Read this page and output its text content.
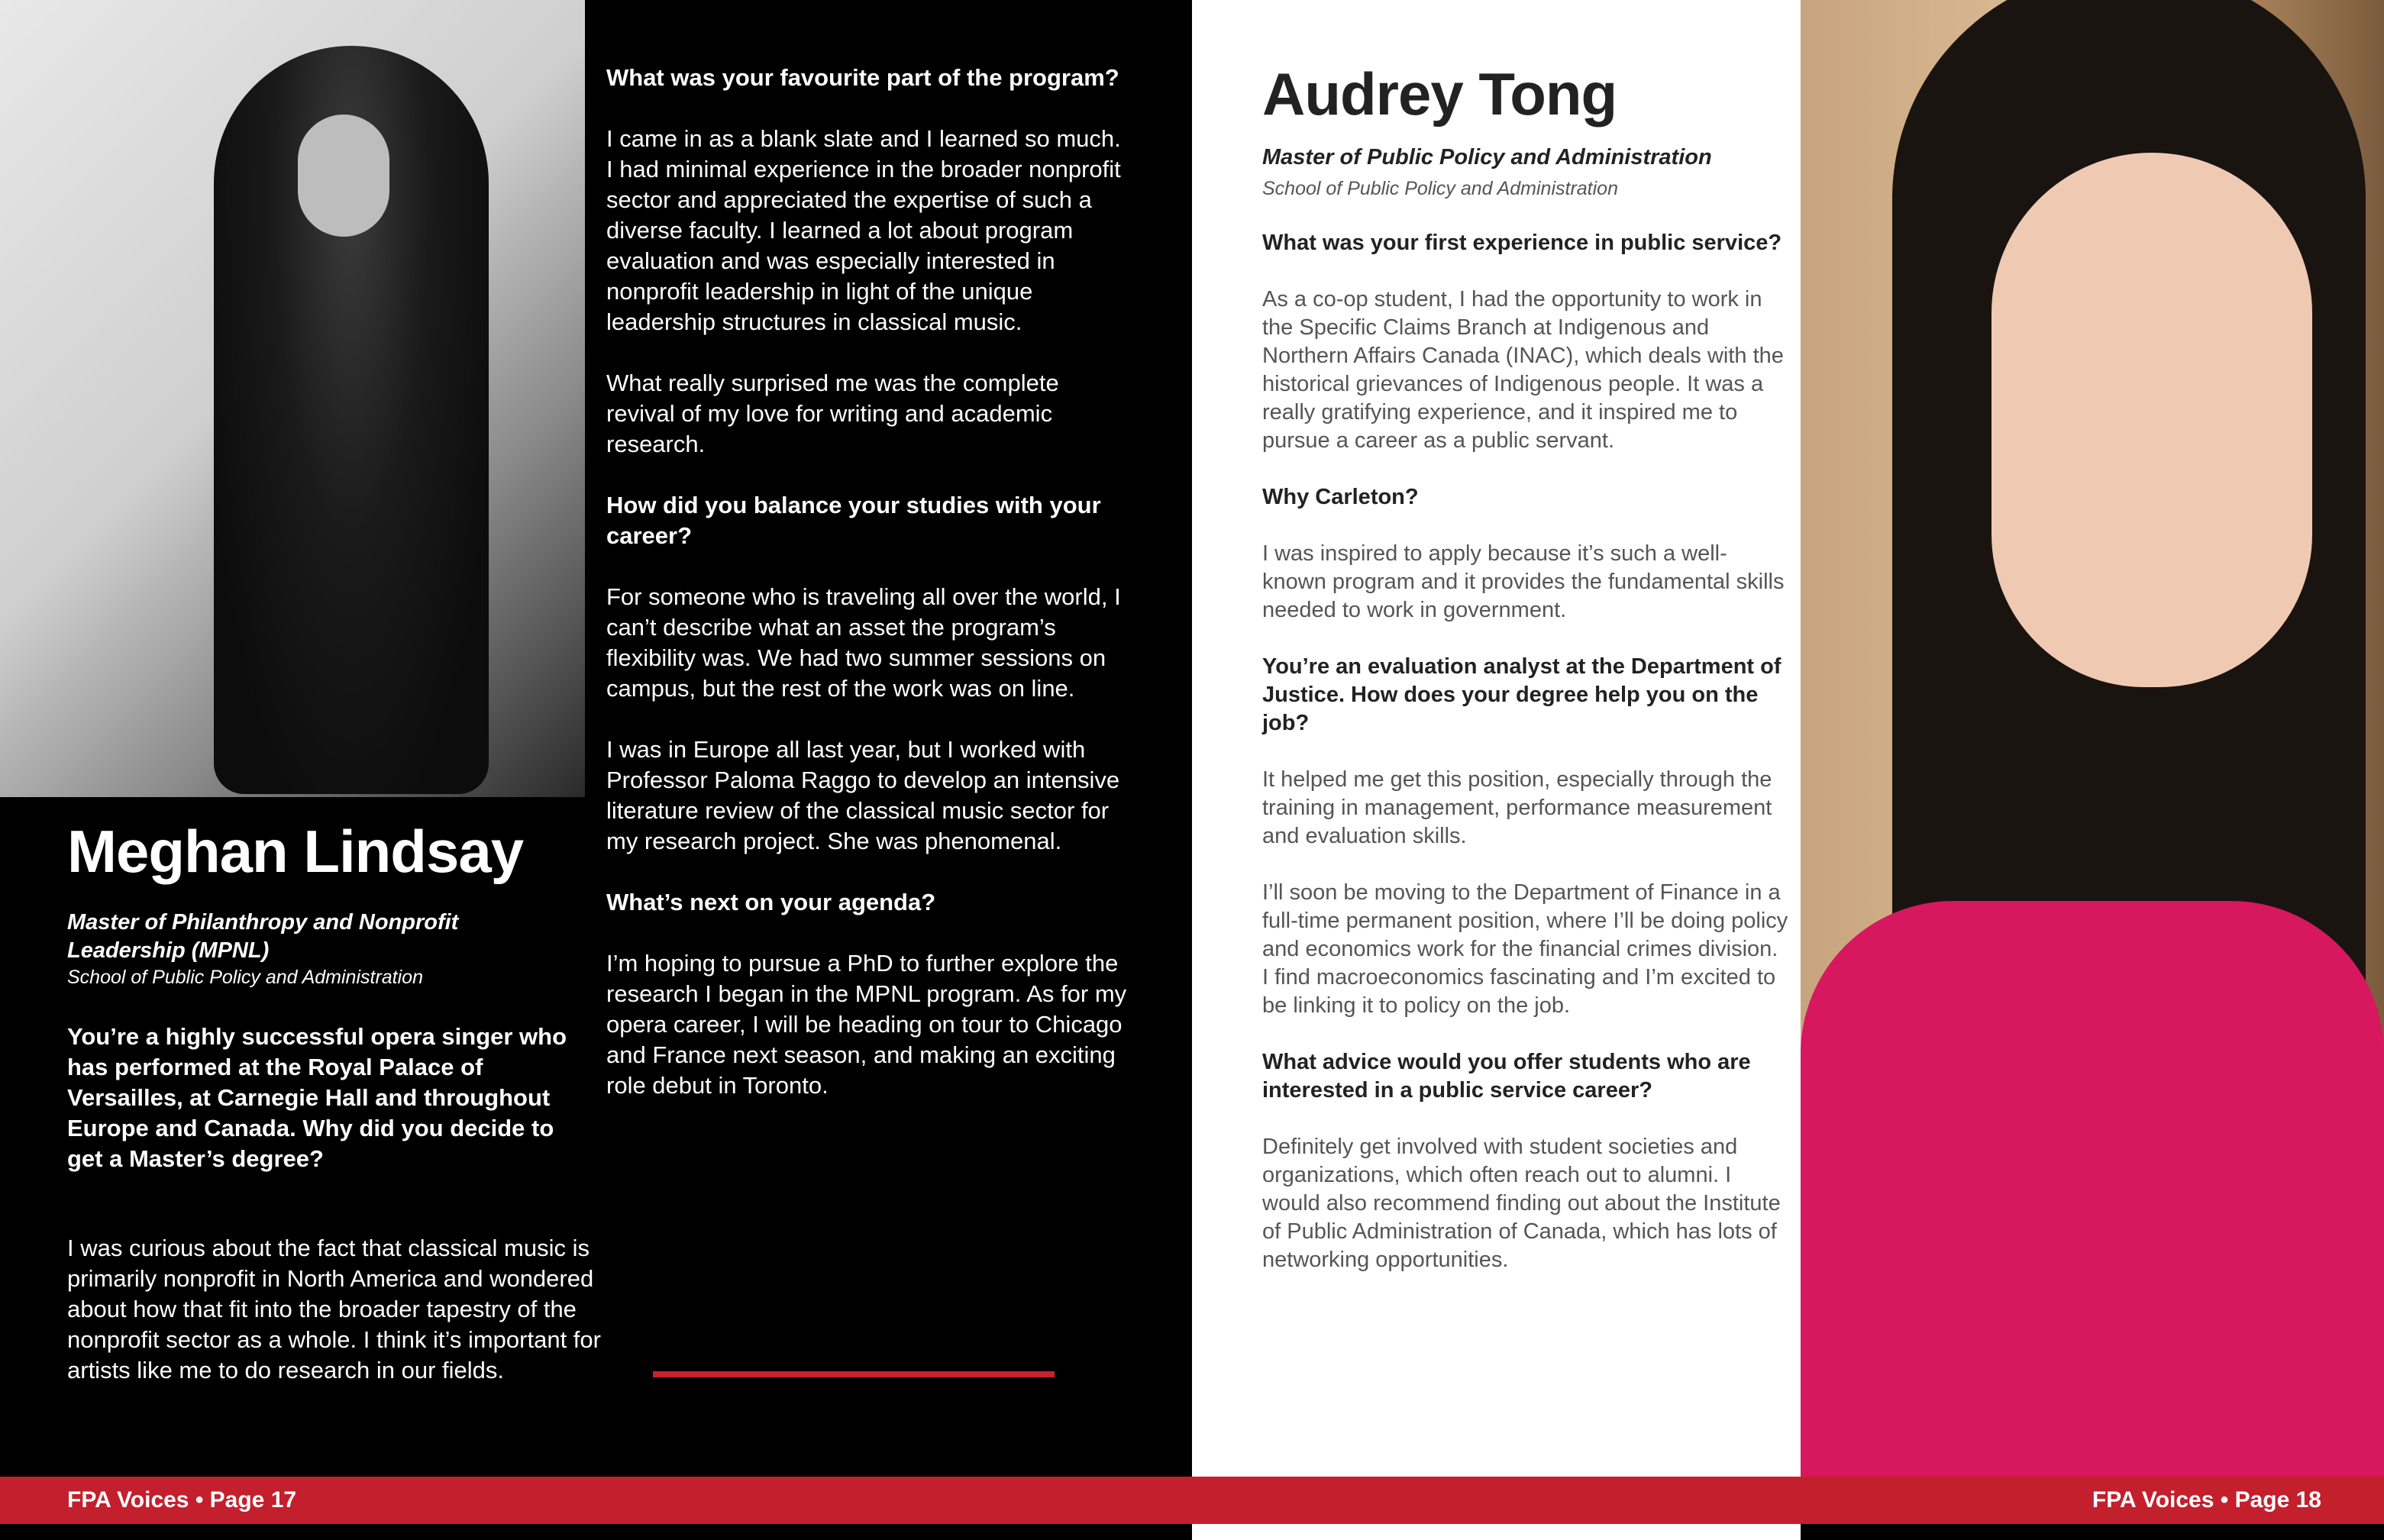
Meghan Lindsay
Master of Philanthropy and Nonprofit Leadership (MPNL)
School of Public Policy and Administration
You’re a highly successful opera singer who has performed at the Royal Palace of Versailles, at Carnegie Hall and throughout Europe and Canada. Why did you decide to get a Master’s degree?
I was curious about the fact that classical music is primarily nonprofit in North America and wondered about how that fit into the broader tapestry of the nonprofit sector as a whole. I think it’s important for artists like me to do research in our fields.

What was your favourite part of the program?

I came in as a blank slate and I learned so much. I had minimal experience in the broader nonprofit sector and appreciated the expertise of such a diverse faculty. I learned a lot about program evaluation and was especially interested in nonprofit leadership in light of the unique leadership structures in classical music.

What really surprised me was the complete revival of my love for writing and academic research.

How did you balance your studies with your career?

For someone who is traveling all over the world, I can’t describe what an asset the program’s flexibility was. We had two summer sessions on campus, but the rest of the work was on line.

I was in Europe all last year, but I worked with Professor Paloma Raggo to develop an intensive literature review of the classical music sector for my research project. She was phenomenal.

What’s next on your agenda?

I’m hoping to pursue a PhD to further explore the research I began in the MPNL program. As for my opera career, I will be heading on tour to Chicago and France next season, and making an exciting role debut in Toronto.

Audrey Tong
Master of Public Policy and Administration
School of Public Policy and Administration

What was your first experience in public service?

As a co-op student, I had the opportunity to work in the Specific Claims Branch at Indigenous and Northern Affairs Canada (INAC), which deals with the historical grievances of Indigenous people. It was a really gratifying experience, and it inspired me to pursue a career as a public servant.

Why Carleton?

I was inspired to apply because it’s such a well-known program and it provides the fundamental skills needed to work in government.

You’re an evaluation analyst at the Department of Justice. How does your degree help you on the job?

It helped me get this position, especially through the training in management, performance measurement and evaluation skills.

I’ll soon be moving to the Department of Finance in a full-time permanent position, where I’ll be doing policy and economics work for the financial crimes division. I find macroeconomics fascinating and I’m excited to be linking it to policy on the job.

What advice would you offer students who are interested in a public service career?

Definitely get involved with student societies and organizations, which often reach out to alumni. I would also recommend finding out about the Institute of Public Administration of Canada, which has lots of networking opportunities.

FPA Voices • Page 17	FPA Voices • Page 18
